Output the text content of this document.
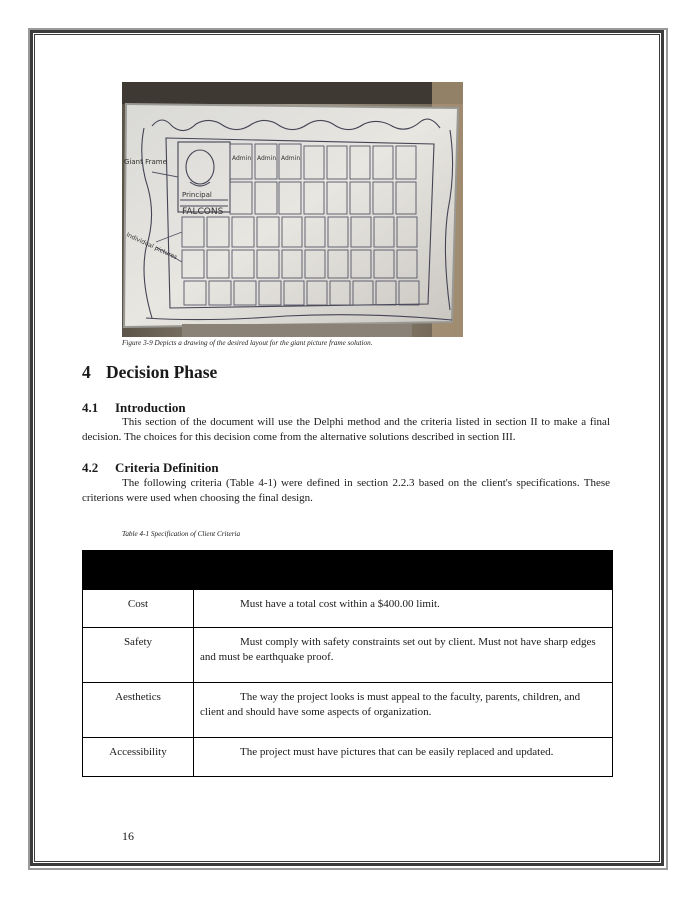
Giant Frame
Individual pictures
Principal
FALCONS
Admin Admin Admin
Figure 3-9 Depicts a drawing of the desired layout for the giant picture frame solution.
4 Decision Phase
4.1 Introduction
This section of the document will use the Delphi method and the criteria listed in section II to make a final decision. The choices for this decision come from the alternative solutions described in section III.
4.2 Criteria Definition
The following criteria (Table 4-1) were defined in section 2.2.3 based on the client's specifications. These criterions were used when choosing the final design.
Table 4-1 Specification of Client Criteria

Cost	Must have a total cost within a $400.00 limit.
Safety	Must comply with safety constraints set out by client. Must not have sharp edges and must be earthquake proof.
Aesthetics	The way the project looks is must appeal to the faculty, parents, children, and client and should have some aspects of organization.
Accessibility	The project must have pictures that can be easily replaced and updated.
16
